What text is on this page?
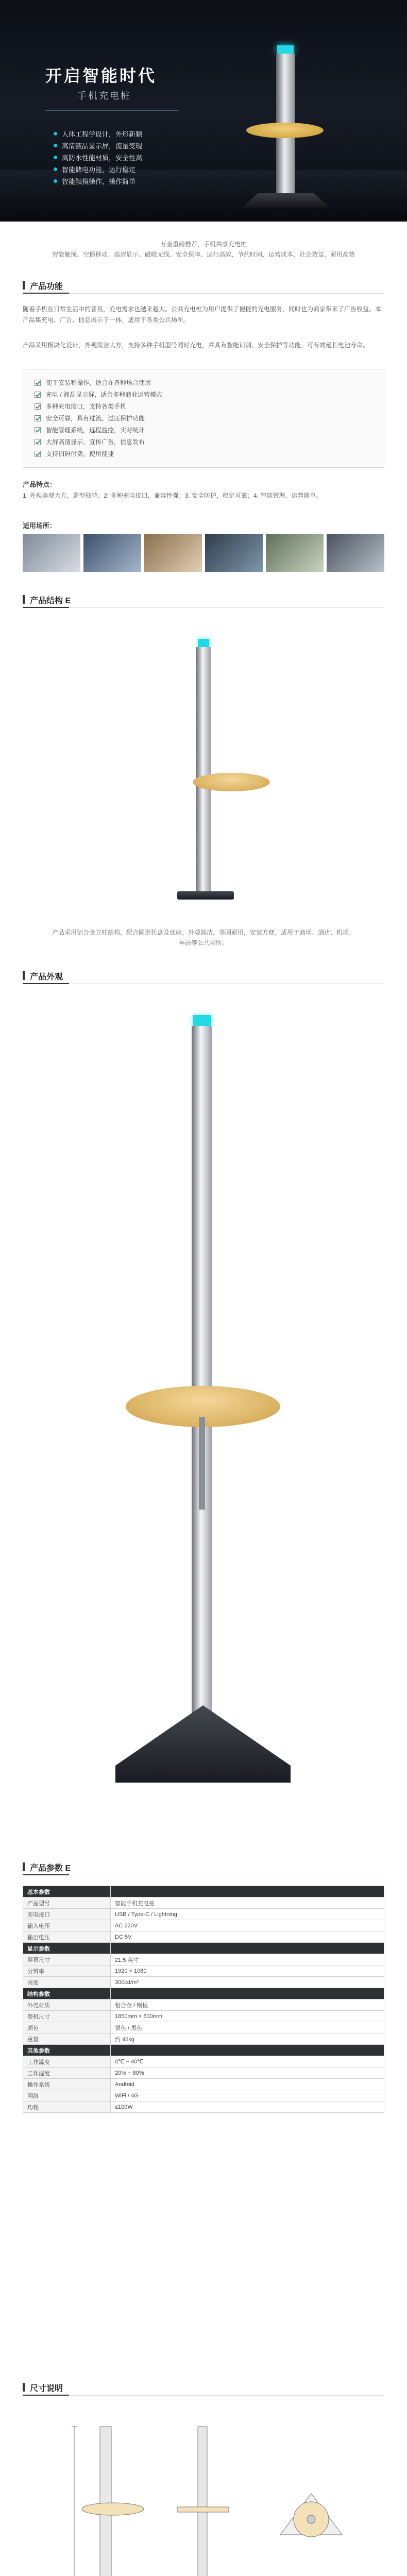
开启智能时代
手机充电桩
人体工程学设计，外形新颖
高清液晶显示屏，流量变现
高防水性能材质，安全性高
智能储电功能，运行稳定
智能触摸操作，操作简单
万金重磅推荐，手机共享充电桩
智能触摸、空播移动、高清显示、磁吸无线、安全保障、运行高效、节约时间、运营成本、社会效益、耐用高效
产品功能
随着手机在日常生活中的普及，充电需求也越来越大。公共充电桩为用户提供了便捷的充电服务，同时也为商家带来了广告收益。本产品集充电、广告、信息展示于一体，适用于各类公共场所。
产品采用模块化设计，外观简洁大方，支持多种手机型号同时充电，并具有智能识别、安全保护等功能，可有效延长电池寿命。
便于安装和操作，适合在各种场合使用
充电 / 液晶显示屏，适合多种商业运营模式
多种充电接口，支持各类手机
安全可靠，具有过流、过压保护功能
智能管理系统，远程监控，实时统计
大屏高清显示，宣传广告，信息发布
支持扫码付费，使用便捷
产品特点：
1. 外观美观大方，造型独特；2. 多种充电接口，兼容性强；3. 安全防护，稳定可靠；4. 智能管理，运营简单。
适用场所：
产品结构 E
产品采用铝合金立柱结构，配合圆形托盘及底座，外观简洁，坚固耐用，安装方便，适用于商场、酒店、机场、车站等公共场所。
产品外观
产品参数 E
基本参数	
产品型号	智能手机充电桩
充电接口	USB / Type-C / Lightning
输入电压	AC 220V
输出电压	DC 5V
显示参数	
屏幕尺寸	21.5 英寸
分辨率	1920 × 1080
亮度	300cd/m²
结构参数	
外壳材质	铝合金 / 钢板
整机尺寸	1850mm × 600mm
颜色	银色 / 黑色
重量	约 45kg
其他参数	
工作温度	0℃ ~ 40℃
工作湿度	20% ~ 80%
操作系统	Android
网络	WiFi / 4G
功耗	≤100W
尺寸说明
